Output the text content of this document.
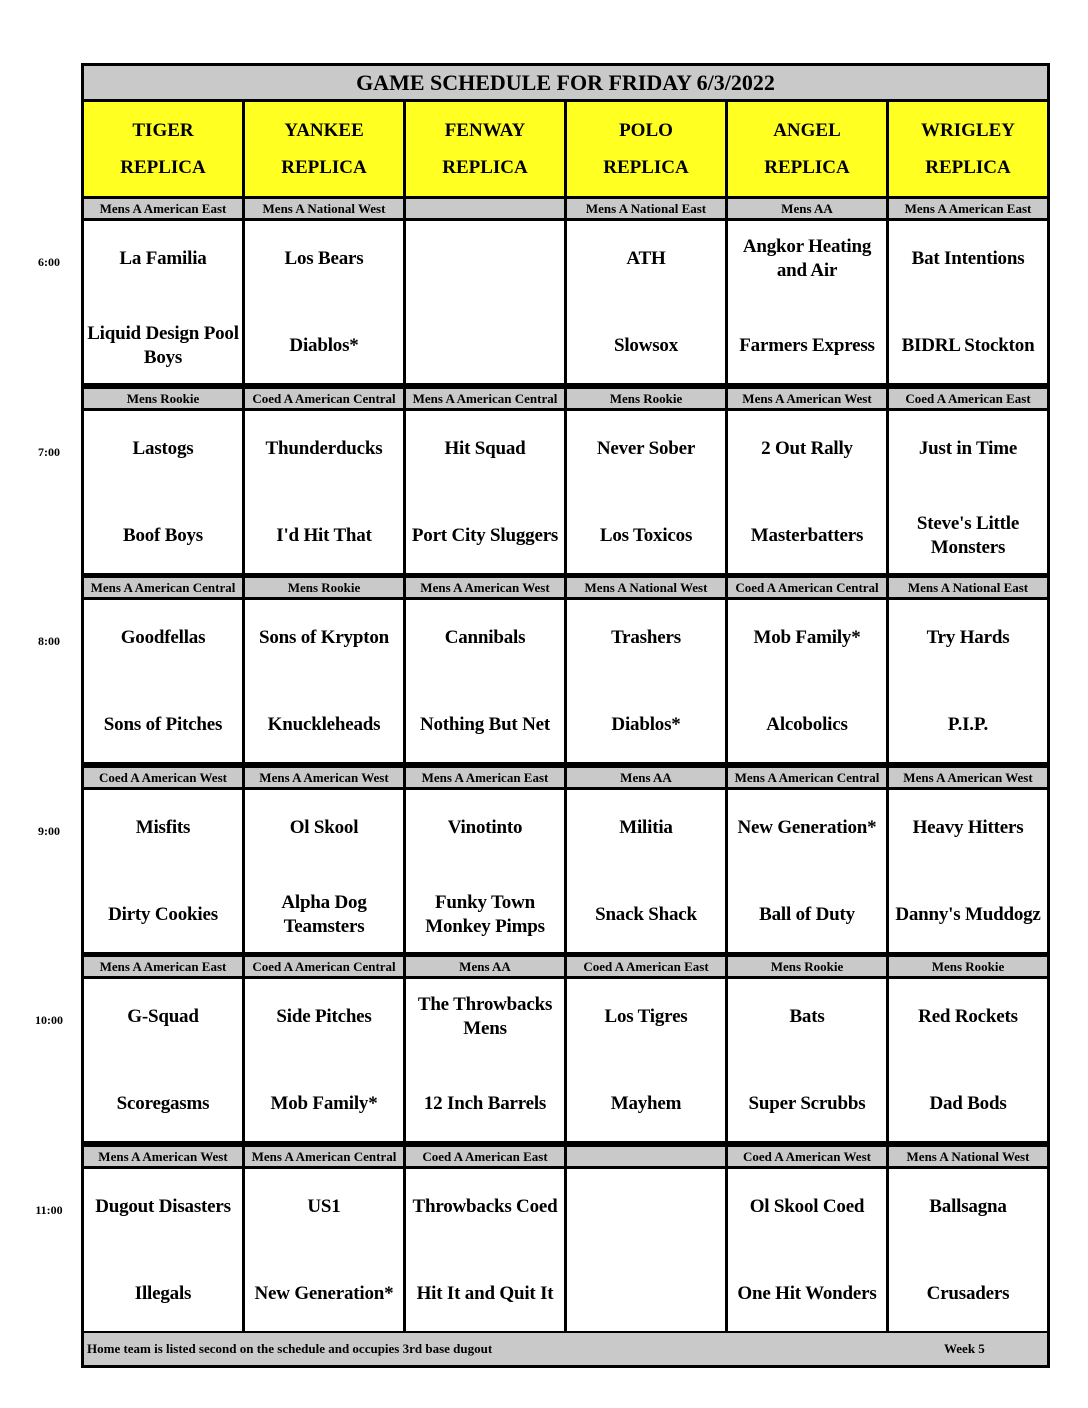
GAME SCHEDULE FOR FRIDAY 6/3/2022
TIGER
REPLICA
YANKEE
REPLICA
FENWAY
REPLICA
POLO
REPLICA
ANGEL
REPLICA
WRIGLEY
REPLICA
Mens A American East
La Familia
Liquid Design Pool Boys
Mens A National West
Los Bears
Diablos*
Mens A National East
ATH
Slowsox
Mens AA
Angkor Heating and Air
Farmers Express
Mens A American East
Bat Intentions
BIDRL Stockton
Mens Rookie
Lastogs
Boof Boys
Coed A American Central
Thunderducks
I'd Hit That
Mens A American Central
Hit Squad
Port City Sluggers
Mens Rookie
Never Sober
Los Toxicos
Mens A American West
2 Out Rally
Masterbatters
Coed A American East
Just in Time
Steve's Little Monsters
Mens A American Central
Goodfellas
Sons of Pitches
Mens Rookie
Sons of Krypton
Knuckleheads
Mens A American West
Cannibals
Nothing But Net
Mens A National West
Trashers
Diablos*
Coed A American Central
Mob Family*
Alcobolics
Mens A National East
Try Hards
P.I.P.
Coed A American West
Misfits
Dirty Cookies
Mens A American West
Ol Skool
Alpha Dog Teamsters
Mens A American East
Vinotinto
Funky Town Monkey Pimps
Mens AA
Militia
Snack Shack
Mens A American Central
New Generation*
Ball of Duty
Mens A American West
Heavy Hitters
Danny's Muddogz
Mens A American East
G-Squad
Scoregasms
Coed A American Central
Side Pitches
Mob Family*
Mens AA
The Throwbacks Mens
12 Inch Barrels
Coed A American East
Los Tigres
Mayhem
Mens Rookie
Bats
Super Scrubbs
Mens Rookie
Red Rockets
Dad Bods
Mens A American West
Dugout Disasters
Illegals
Mens A American Central
US1
New Generation*
Coed A American East
Throwbacks Coed
Hit It and Quit It
Coed A American West
Ol Skool Coed
One Hit Wonders
Mens A National West
Ballsagna
Crusaders
Home team is listed second on the schedule and occupies 3rd base dugout	Week 5
6:00
7:00
8:00
9:00
10:00
11:00
